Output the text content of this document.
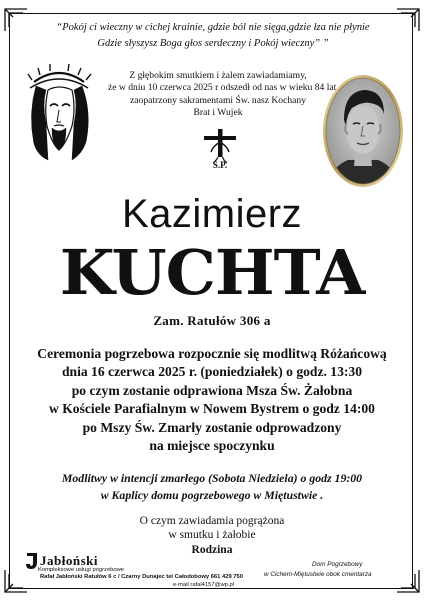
“Pokój ci wieczny w cichej krainie, gdzie ból nie sięga,gdzie łza nie płynie
Gdzie słyszysz Boga głos serdeczny i Pokój wieczny” ”
Z głębokim smutkiem i żalem zawiadamiamy,
że w dniu 10 czerwca 2025 r odszedł od nas w wieku 84 lat
zaopatrzony sakramentami Św. nasz Kochany
Brat i Wujek
Ś.P.
Kazimierz
KUCHTA
Zam. Ratułów 306 a
Ceremonia pogrzebowa rozpocznie się modlitwą Różańcową
dnia 16 czerwca 2025 r. (poniedziałek) o godz. 13:30
po czym zostanie odprawiona Msza Św. Żałobna
w Kościele Parafialnym w Nowem Bystrem o godz 14:00
po Mszy Św. Zmarły zostanie odprowadzony
na miejsce spoczynku
Modlitwy w intencji zmarłego (Sobota Niedziela) o godz 19:00
w Kaplicy domu pogrzebowego w Miętustwie .
O czym zawiadamia pogrążona
w smutku i żałobie
Rodzina
Jabłoński
Kompleksowe usługi pogrzebowe
Rafał Jabłoński Ratułów 6 c / Czarny Dunajec tel Całodobowy 661 429 750
e-mail rafal4157@wp.pl
Dom Pogrzebowy
w Cichem-Miętustwie obok cmentarza
